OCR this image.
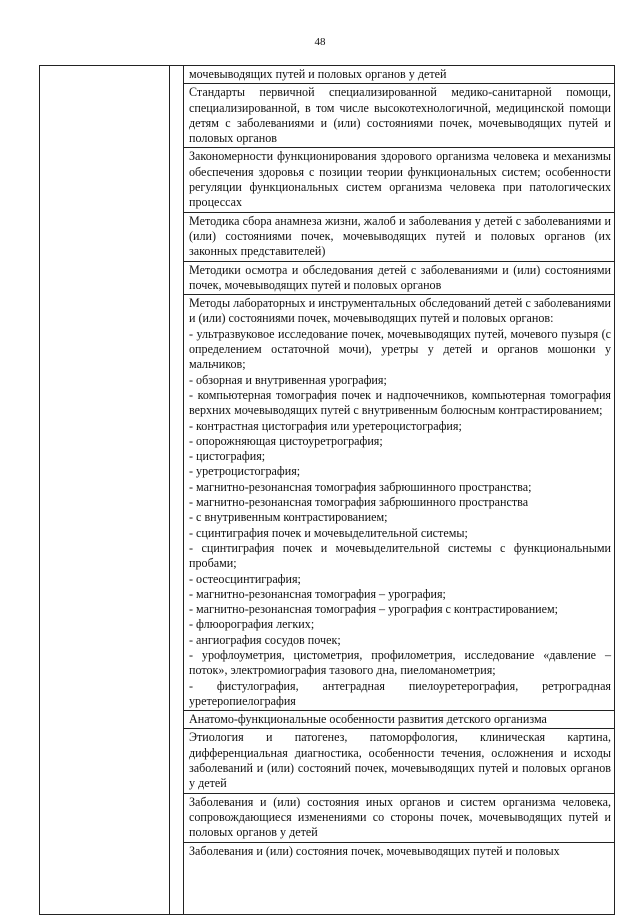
48

мочевыводящих путей и половых органов у детей
Стандарты первичной специализированной медико-санитарной помощи, специализированной, в том числе высокотехнологичной, медицинской помощи детям с заболеваниями и (или) состояниями почек, мочевыводящих путей и половых органов
Закономерности функционирования здорового организма человека и механизмы обеспечения здоровья с позиции теории функциональных систем; особенности регуляции функциональных систем организма человека при патологических процессах
Методика сбора анамнеза жизни, жалоб и заболевания у детей с заболеваниями и (или) состояниями почек, мочевыводящих путей и половых органов (их законных представителей)
Методики осмотра и обследования детей с заболеваниями и (или) состояниями почек, мочевыводящих путей и половых органов
Методы лабораторных и инструментальных обследований детей с заболеваниями и (или) состояниями почек, мочевыводящих путей и половых органов:
- ультразвуковое исследование почек, мочевыводящих путей, мочевого пузыря (с определением остаточной мочи), уретры у детей и органов мошонки у мальчиков;
- обзорная и внутривенная урография;
- компьютерная томография почек и надпочечников, компьютерная томография верхних мочевыводящих путей с внутривенным болюсным контрастированием;
- контрастная цистография или уретероцистография;
- опорожняющая цистоуретрография;
- цистография;
- уретроцистография;
- магнитно-резонансная томография забрюшинного пространства;
- магнитно-резонансная томография забрюшинного пространства
- с внутривенным контрастированием;
- сцинтиграфия почек и мочевыделительной системы;
- сцинтиграфия почек и мочевыделительной системы с функциональными пробами;
- остеосцинтиграфия;
- магнитно-резонансная томография – урография;
- магнитно-резонансная томография – урография с контрастированием;
- флюорография легких;
- ангиография сосудов почек;
- урофлоуметрия, цистометрия, профилометрия, исследование «давление – поток», электромиография тазового дна, пиеломанометрия;
- фистулография, антеградная пиелоуретерография, ретроградная уретеропиелография
Анатомо-функциональные особенности развития детского организма
Этиология и патогенез, патоморфология, клиническая картина, дифференциальная диагностика, особенности течения, осложнения и исходы заболеваний и (или) состояний почек, мочевыводящих путей и половых органов у детей
Заболевания и (или) состояния иных органов и систем организма человека, сопровождающиеся изменениями со стороны почек, мочевыводящих путей и половых органов у детей
Заболевания и (или) состояния почек, мочевыводящих путей и половых
